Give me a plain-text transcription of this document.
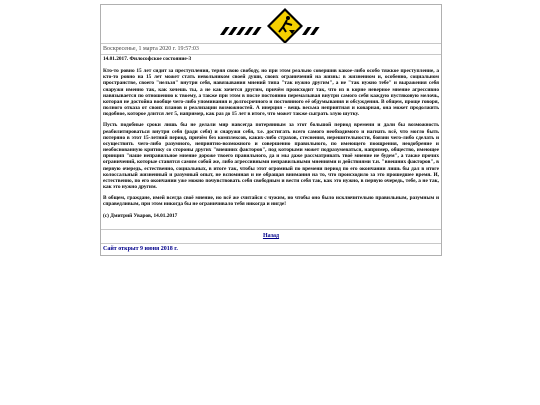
Воскресенье, 1 марта 2020 г. 19:57:03

14.01.2017. Философское состояние-3

Кто-то ровно 15 лет сидит за преступления, теряя свою свободу, но при этом реально совершив какое-либо особо тяжкое преступление, а кто-то ровно на 15 лет может стать невольником своей души, своих ограничений на жизнь: в жизненном и, особенно, социальном пространстве, своего "нельзя" внутри себя, навязывания мнений типа "так нужно другим", а не "так нужно тебе" и выражения себя снаружи именно так, как хочешь ты, а не как хочется другим, причём происходит так, что из в корне неверное мнение агрессивно навязывается по отношению к твоему, а также при этом в после постоянно перемалывая внутри самого себя каждую пустяковую мелочь, которая не достойна вообще чего-либо упоминания и долгосрочного и постоянного её обдумывания и обсуждения. В общем, проще говоря, полного отказа от своих планов и реализации возможностей. А инерция - вещь весьма неприятная и коварная, она может продолжить подобное, которое длится лет 5, например, как раз до 15 лет в итоге, что может также сыграть злую шутку.

Пусть подобные сроки лишь бы не делали мир навсегда потерянным за этот большой период времени и дали бы возможность реабилитироваться внутри себя (ради себя) и снаружи себя, т.е. достигать всего самого необходимого и нагнать всё, что могло быть потеряно в этот 15-летний период, причём без комплексов, каких-либо страхов, стеснения, нерешительности, боязни чего-либо сделать и осуществить чего-либо разумного, неприятно-возможного и совершенно правильного, по имеющего поощрения, неодобрение и необоснованную критику со стороны других "внешних факторов", под которыми может подразумеваться, например, общество, имеющее принцип "наше неправильное мнение дороже твоего правильного, да и мы даже рассматривать твоё мнение не будем", а также прочих ограничений, которые ставятся самим собой же, либо агрессивными неправильными мнениями и действиями т.н. "внешних факторов", в первую очередь, естественно, социальных, в итоге так, чтобы этот огромный по времени период по его окончании лишь бы дал в итоге колоссальный жизненный и разумный опыт, не вспоминая и не обращая внимания на то, что происходило за это прошедшее время. И, естественно, по его окончании уже можно почувствовать себя свободным и вести себя так, как это нужно, в первую очередь, тебе, а не так, как это нужно другим.

В общем, граждане, имей всегда своё мнение, но всё же считайся с чужим, но чтобы оно было исключительно правильным, разумным и справедливым, при этом никогда бы не ограничивало тебя никогда и нигде!

(с) Дмитрий Уваров, 14.01.2017

Назад
Сайт открыт 9 июня 2018 г.
